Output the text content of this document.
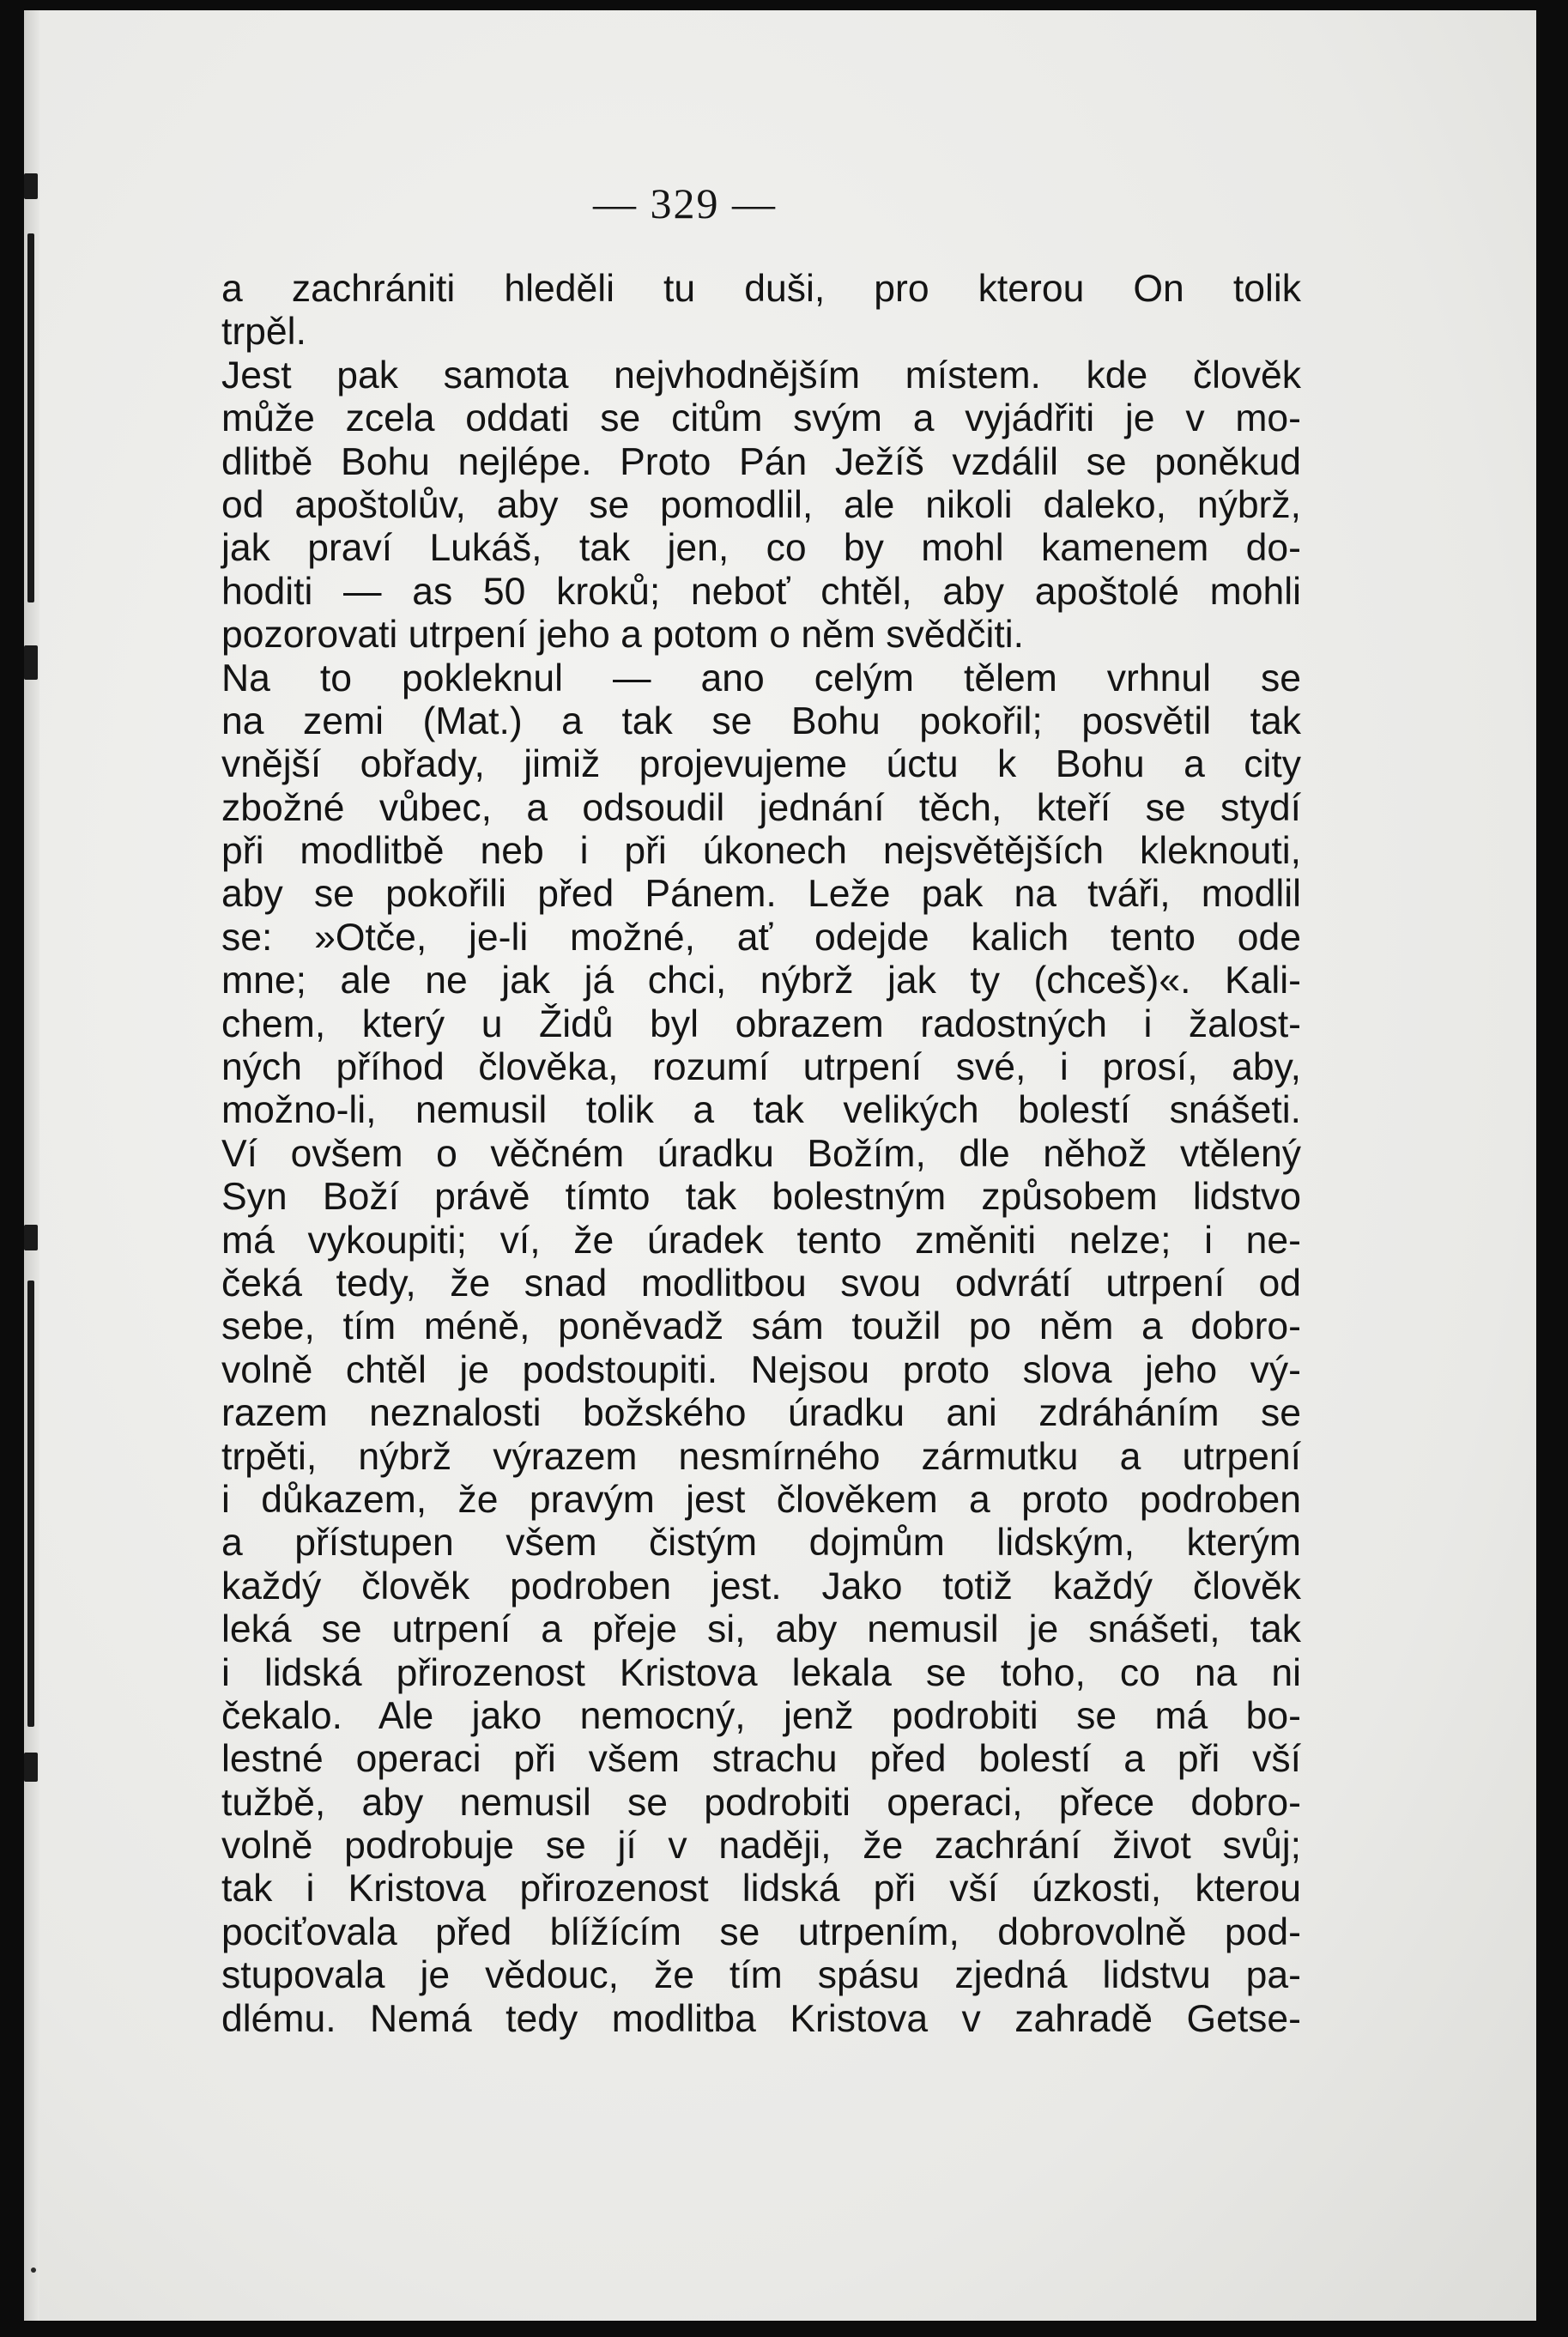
— 329 —
a zachrániti hleděli tu duši, pro kterou On tolik
trpěl.
Jest pak samota nejvhodnějším místem. kde člověk
může zcela oddati se citům svým a vyjádřiti je v mo-
dlitbě Bohu nejlépe. Proto Pán Ježíš vzdálil se poněkud
od apoštolův, aby se pomodlil, ale nikoli daleko, nýbrž,
jak praví Lukáš, tak jen, co by mohl kamenem do-
hoditi — as 50 kroků; neboť chtěl, aby apoštolé mohli
pozorovati utrpení jeho a potom o něm svědčiti.
Na to pokleknul — ano celým tělem vrhnul se
na zemi (Mat.) a tak se Bohu pokořil; posvětil tak
vnější obřady, jimiž projevujeme úctu k Bohu a city
zbožné vůbec, a odsoudil jednání těch, kteří se stydí
při modlitbě neb i při úkonech nejsvětějších kleknouti,
aby se pokořili před Pánem. Leže pak na tváři, modlil
se: »Otče, je-li možné, ať odejde kalich tento ode
mne; ale ne jak já chci, nýbrž jak ty (chceš)«. Kali-
chem, který u Židů byl obrazem radostných i žalost-
ných příhod člověka, rozumí utrpení své, i prosí, aby,
možno-li, nemusil tolik a tak velikých bolestí snášeti.
Ví ovšem o věčném úradku Božím, dle něhož vtělený
Syn Boží právě tímto tak bolestným způsobem lidstvo
má vykoupiti; ví, že úradek tento změniti nelze; i ne-
čeká tedy, že snad modlitbou svou odvrátí utrpení od
sebe, tím méně, poněvadž sám toužil po něm a dobro-
volně chtěl je podstoupiti. Nejsou proto slova jeho vý-
razem neznalosti božského úradku ani zdráháním se
trpěti, nýbrž výrazem nesmírného zármutku a utrpení
i důkazem, že pravým jest člověkem a proto podroben
a přístupen všem čistým dojmům lidským, kterým
každý člověk podroben jest. Jako totiž každý člověk
leká se utrpení a přeje si, aby nemusil je snášeti, tak
i lidská přirozenost Kristova lekala se toho, co na ni
čekalo. Ale jako nemocný, jenž podrobiti se má bo-
lestné operaci při všem strachu před bolestí a při vší
tužbě, aby nemusil se podrobiti operaci, přece dobro-
volně podrobuje se jí v naději, že zachrání život svůj;
tak i Kristova přirozenost lidská při vší úzkosti, kterou
pociťovala před blížícím se utrpením, dobrovolně pod-
stupovala je vědouc, že tím spásu zjedná lidstvu pa-
dlému. Nemá tedy modlitba Kristova v zahradě Getse-
